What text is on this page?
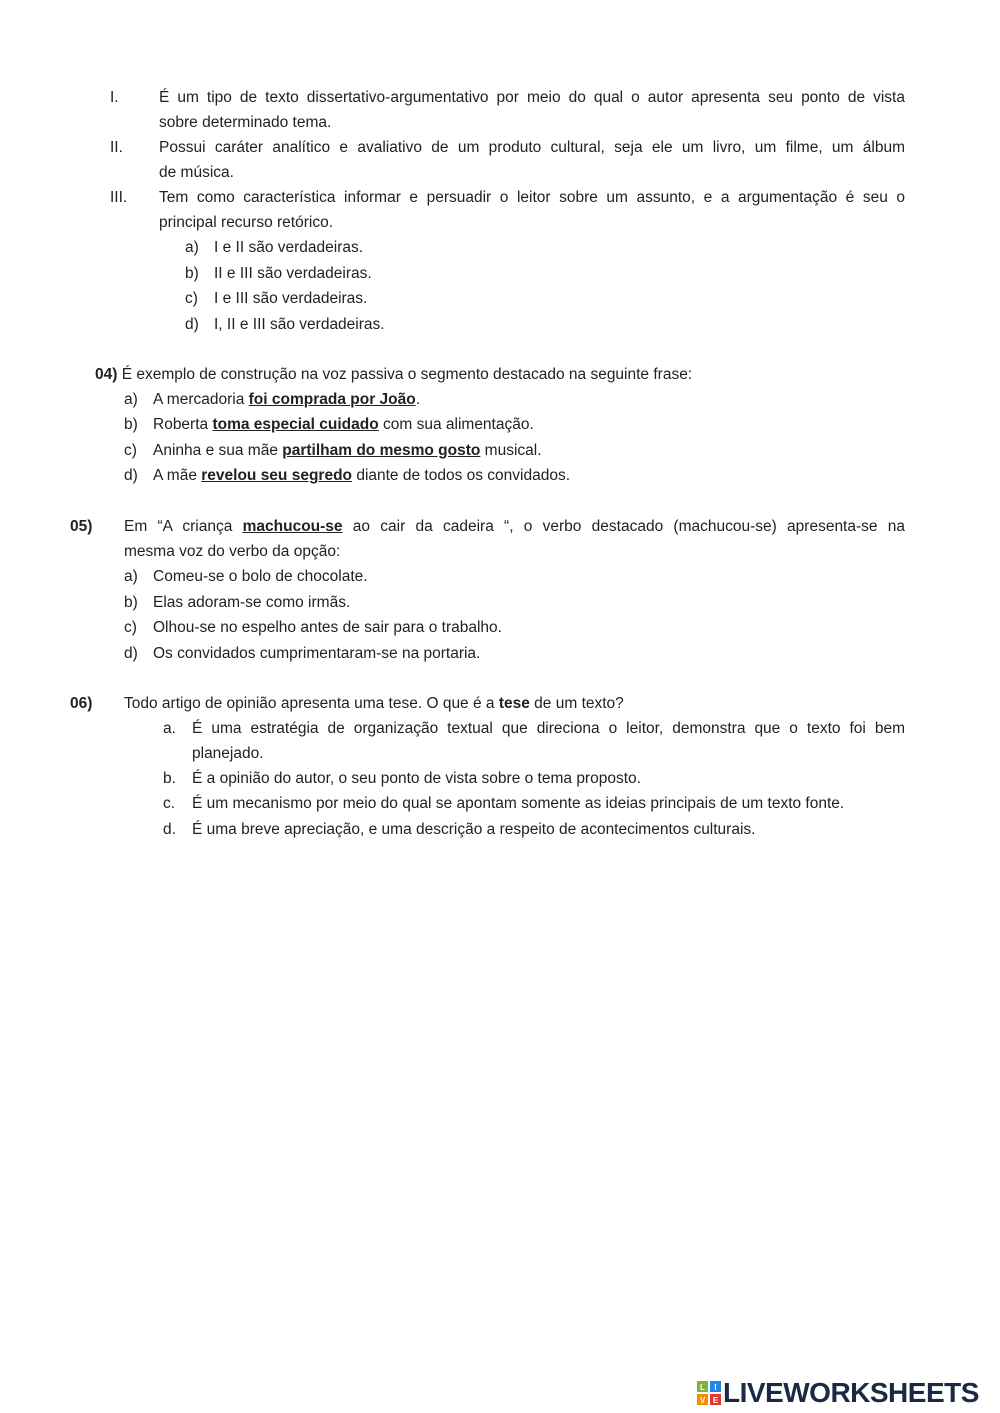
I.	É um tipo de texto dissertativo-argumentativo por meio do qual o autor apresenta seu ponto de vista
sobre determinado tema.
II. Possui caráter analítico e avaliativo de um produto cultural, seja ele um livro, um filme, um álbum
de música.
III. Tem como característica informar e persuadir o leitor sobre um assunto, e a argumentação é seu o
principal recurso retórico.
a) I e II são verdadeiras.
b) II e III são verdadeiras.
c) I e III são verdadeiras.
d) I, II e III são verdadeiras.
04) É exemplo de construção na voz passiva o segmento destacado na seguinte frase:
a) A mercadoria foi comprada por João.
b) Roberta toma especial cuidado com sua alimentação.
c) Aninha e sua mãe partilham do mesmo gosto musical.
d) A mãe revelou seu segredo diante de todos os convidados.
05) Em “A criança machucou-se ao cair da cadeira “, o verbo destacado (machucou-se) apresenta-se na
mesma voz do verbo da opção:
a) Comeu-se o bolo de chocolate.
b) Elas adoram-se como irmãs.
c) Olhou-se no espelho antes de sair para o trabalho.
d) Os convidados cumprimentaram-se na portaria.
06) Todo artigo de opinião apresenta uma tese. O que é a tese de um texto?
a. É uma estratégia de organização textual que direciona o leitor, demonstra que o texto foi bem
planejado.
b. É a opinião do autor, o seu ponto de vista sobre o tema proposto.
c. É um mecanismo por meio do qual se apontam somente as ideias principais de um texto fonte.
d. É uma breve apreciação, e uma descrição a respeito de acontecimentos culturais.
L I
V E LIVEWORKSHEETS
